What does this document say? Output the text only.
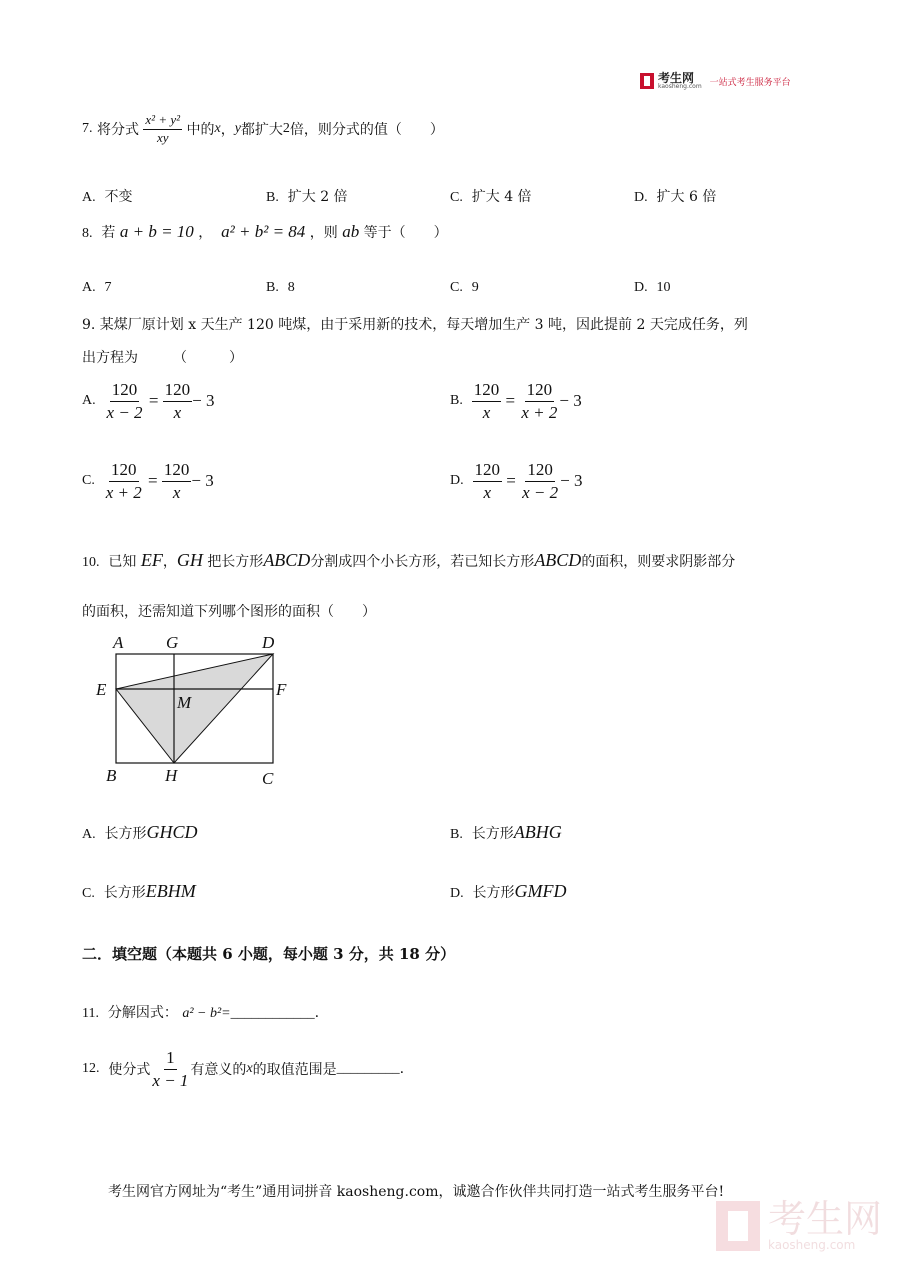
考生网
kaosheng.com 一站式考生服务平台
7.
将分式
$\frac{\text{x² + y²}}{xy}$
中的 x ， y 都扩大 2 倍，则分式的值（　　）
A. 不变	B. 扩大 2 倍	C. 扩大 4 倍	D. 扩大 6 倍
8. 若 a + b = 10 ， a² + b² = 84 ，则 ab 等于（　　）
A. 7	B. 8	C. 9	D. 10
9. 某煤厂原计划 x 天生产 120 吨煤，由于采用新的技术，每天增加生产 3 吨，因此提前 2 天完成任务，列
出方程为　　　（　　　）
A.
$\frac{120}{x - 2} = \frac{120}{x} - 3$	B.
$\frac{120}{x} = \frac{120}{x + 2} - 3$
C.
$\frac{120}{x + 2} = \frac{120}{x} - 3$	D.
$\frac{120}{x} = \frac{120}{x - 2} - 3$
10. 已知 EF，GH 把长方形ABCD分割成四个小长方形，若已知长方形ABCD的面积，则要求阴影部分
的面积，还需知道下列哪个图形的面积（　　）
A	G	D
E	F
M
B	H	C
A. 长方形GHCD	B. 长方形ABHG
C. 长方形EBHM	D. 长方形GMFD
二．填空题（本题共 6 小题，每小题 3 分，共 18 分）
11. 分解因式： a² − b²=____________.
12.
使分式 $\frac{1}{x - 1}$ 有意义的 x 的取值范围是 _________ .
考生网官方网址为“考生”通用词拼音 kaosheng.com，诚邀合作伙伴共同打造一站式考生服务平台!
考生网
kaosheng.com
